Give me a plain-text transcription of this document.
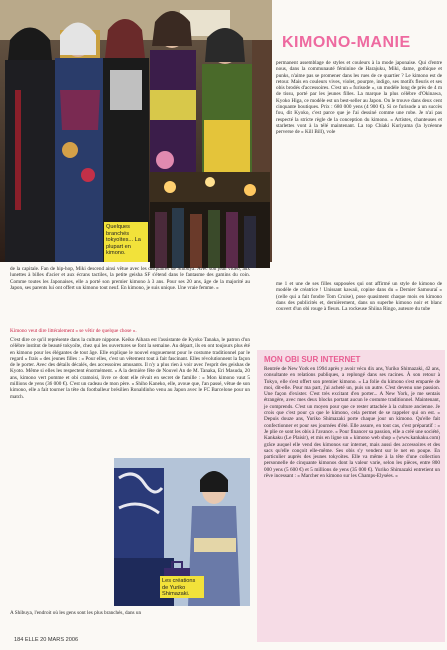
Quelques branchés tokyoïtes... La plupart en kimono.
KIMONO-MANIE
permanent assemblage de styles et couleurs à la mode japonaise. Qui d'entre nous, dans la communauté féminine de Harajuku, Miki, dame, gothique et punks, n'aime pas se promener dans les rues de ce quartier ? Le kimono est de retour. Mais en couleurs vives, violet, pourpre, indigo, ses motifs fleuris et ses obis brodés d'accessoires. C'est un « furisode », un modèle long de près de 4 m de tissu, porté par les jeunes filles. La marque la plus célèbre d'Okinawa, Kyoko Higa, ce modèle est un best-seller au Japon. On le trouve dans deux cent cinquante boutiques. Prix : 680 000 yens (4 900 €). Si ce furisode a un succès fou, dit Kyoko, c'est parce que je l'ai dessiné comme une robe. Je n'ai pas respecté la stricte règle de la conception du kimono. » Artistes, chanteuses et starlettes vont à la télé maintenant. La top Chiaki Kuriyama (la lycéenne perverse de « Kill Bill), vole
me 1 et une de ses filles supposées qui ont affirmé un style de kimono de modèle de créatrice ! Unissant kawaii, copine dans du « Dernier Samouraï » (celle qui a fait fondre Tom Cruise), pose quasiment chaque mois en kimono dans des publicités et, dernièrement, dans un superbe kimono noir et blanc couvert d'un obi rouge à fleurs. La rockeuse Shiina Ringo, auteure du tube
de la capitale. Fan de hip-hop, Miki descend ainsi vêtue avec les disquaires de Shibuya. Avec son jean vidéo, aux lunettes à billes d'acier et aux écrans tactiles, la petite geisha SF s'étend dans le fantasme des gamins du coin. Comme toutes les Japonaises, elle a porté son premier kimono à 3 ans. Pour ses 20 ans, âge de la majorité au Japon, ses parents lui ont offert un kimono tout neuf. En kimono, je suis unique. Une vraie femme. »
Kimono veut dire littéralement « se vêtir de quelque chose ».
C'est dire ce qu'il représente dans la culture nippone. Keiko Aihara est l'assistante de Kyoko Tanaka, le patron d'un célèbre institut de beauté tokyoïte, chez qui les ouvertures se font la semaine. Au départ, ils en ont toujours plus été en kimono pour les élégantes de tout âge. Elle explique le nouvel engouement pour le costume traditionnel par le regard « frais » des jeunes filles : « Pour elles, c'est un vêtement tout à fait fascinant. Elles révolutionnent la façon de le porter. Avec des détails décalés, des accessoires amusants. Il n'y a plus rien à voir avec l'esprit des geishas de Kyoto. Même si elles les respectent énormément. » A la dernière fête de Nouvel An de M. Tanaka, Eri Masuda, 20 ans, kimono vert pomme et obi cramoisi, livre ce dont elle rêvait en secret de famille : « Mon kimono vaut 5 millions de yens (36 000 €). C'est un cadeau de mon père. » Shiho Kaneko, elle, avoue que, l'an passé, vêtue de son kimono, elle a fait tourner la tête du footballeur brésilien Ronaldinho venu au Japon avec le FC Barcelone pour un match.
Les créations de Yuriko Shimazaki.
A Shibuya, l'endroit où les gens sont les plus branchés, dans un
MON OBI SUR INTERNET
Rentrée de New York en 1994 après y avoir vécu dix ans, Yuriko Shimazaki, 42 ans, consultante en relations publiques, a replongé dans ses racines. À son retour à Tokyo, elle s'est offert son premier kimono. « La folie du kimono s'est emparée de moi, dit-elle. Pour ma part, j'ai acheté un, puis un autre. C'est devenu une passion. Une façon d'exister. C'est très excitant d'en porter... A New York, je me sentais étrangère, avec mes deux blocks portant aucun le costume traditionnel. Maintenant, je comprends. C'est un moyen pour que ce rester attachée à la culture ancienne. Je crois que c'est pour ça que le kimono, cela permet de se rappeler qui on est. » Depuis douze ans, Yuriko Shimazaki porte chaque jour un kimono. Qu'elle fait confectionner et pour ses journées d'été. Elle assure, en tout cas, c'est préparatif : « Je plie ce sont les obis à l'avance. » Pour financer sa passion, elle a créé une société, Kankaku (Le Plaisir), et mis en ligne un « kimono web shop » (www.kankaku.com) grâce auquel elle vend des kimonos sur internet, mais aussi des accessoires et des sacs qu'elle conçoit elle-même. Ses obis s'y vendent sur le net en poupe. En particulier auprès des jeunes tokyoïtes. Elle va même à la tête d'une collection personnelle de cinquante kimonos dont la valeur varie, selon les pièces, entre 800 000 yens (5 600 €) et 5 millions de yens (35 000 €). Yuriko Shimazaki entretient un rêve incessant : « Marcher en kimono sur les Champs-Elysées. »
184 ELLE 20 MARS 2006
